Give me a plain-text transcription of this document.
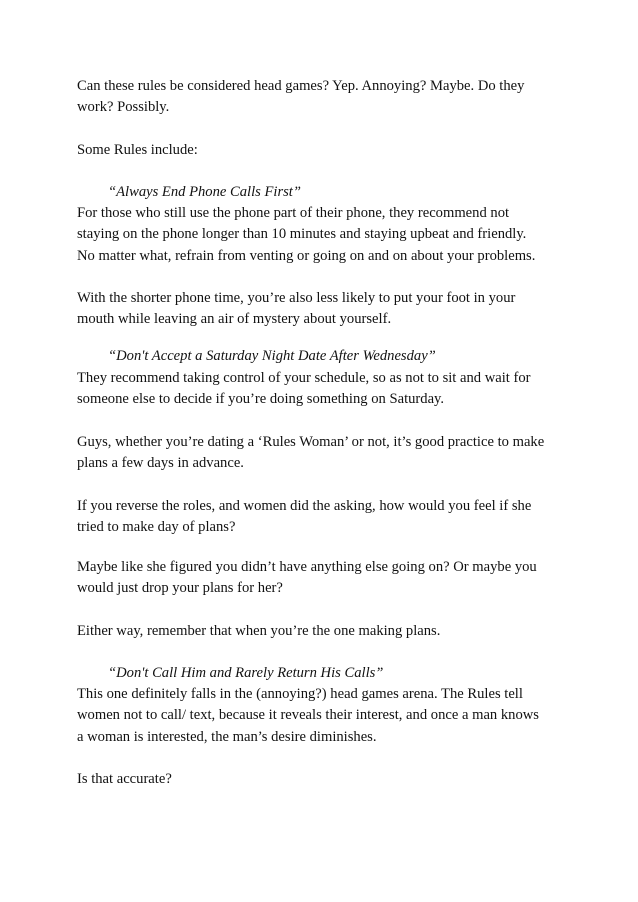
Can these rules be considered head games? Yep. Annoying? Maybe. Do they
work? Possibly.
Some Rules include:
“Always End Phone Calls First”
For those who still use the phone part of their phone, they recommend not
staying on the phone longer than 10 minutes and staying upbeat and friendly.
No matter what, refrain from venting or going on and on about your problems.
With the shorter phone time, you’re also less likely to put your foot in your
mouth while leaving an air of mystery about yourself.
“Don't Accept a Saturday Night Date After Wednesday”
They recommend taking control of your schedule, so as not to sit and wait for
someone else to decide if you’re doing something on Saturday.
Guys, whether you’re dating a ‘Rules Woman’ or not, it’s good practice to make
plans a few days in advance.
If you reverse the roles, and women did the asking, how would you feel if she
tried to make day of plans?
Maybe like she figured you didn’t have anything else going on? Or maybe you
would just drop your plans for her?
Either way, remember that when you’re the one making plans.
“Don't Call Him and Rarely Return His Calls”
This one definitely falls in the (annoying?) head games arena. The Rules tell
women not to call/ text, because it reveals their interest, and once a man knows
a woman is interested, the man’s desire diminishes.
Is that accurate?
